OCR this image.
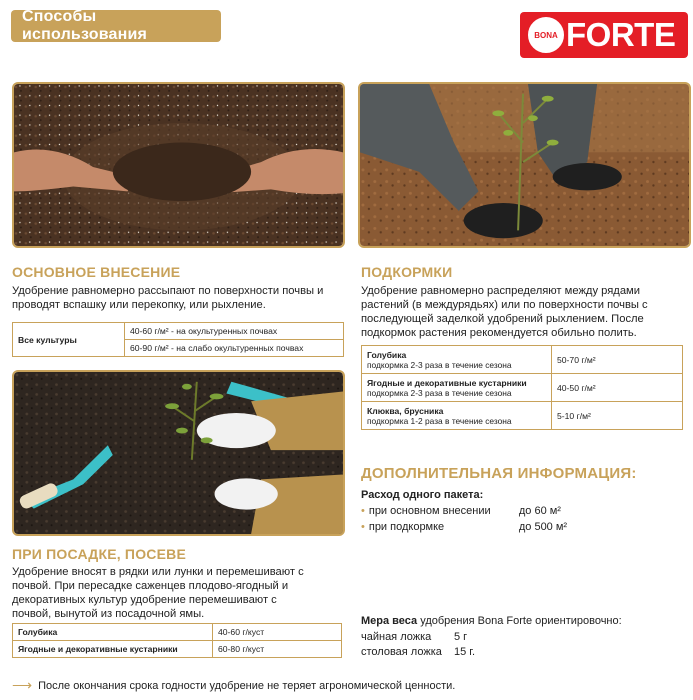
Способы использования	BONA FORTE
ОСНОВНОЕ ВНЕСЕНИЕ
Удобрение равномерно рассыпают по поверхности почвы и проводят вспашку или перекопку, или рыхление.
Все культуры	40-60 г/м² - на окультуренных почвах
60-90 г/м² - на слабо окультуренных почвах
ПРИ ПОСАДКЕ, ПОСЕВЕ
Удобрение вносят в рядки или лунки и перемешивают с почвой. При пересадке саженцев плодово-ягодный и декоративных культур удобрение перемешивают с почвой, вынутой из посадочной ямы.
Голубика	40-60 г/куст
Ягодные и декоративные кустарники	60-80 г/куст
ПОДКОРМКИ
Удобрение равномерно распределяют между рядами растений (в междурядьях) или по поверхности почвы с последующей заделкой удобрений рыхлением. После подкормок растения рекомендуется обильно полить.
Голубика
подкормка 2-3 раза в течение сезона	50-70 г/м²
Ягодные и декоративные кустарники
подкормка 2-3 раза в течение сезона	40-50 г/м²
Клюква, брусника
подкормка 1-2 раза в течение сезона	5-10 г/м²
ДОПОЛНИТЕЛЬНАЯ ИНФОРМАЦИЯ:
Расход одного пакета:
• при основном внесении	до 60 м²
• при подкормке	до 500 м²
Мера веса удобрения Bona Forte ориентировочно:
чайная ложка	5 г
столовая ложка	15 г.
⟶ После окончания срока годности удобрение не теряет агрономической ценности.
